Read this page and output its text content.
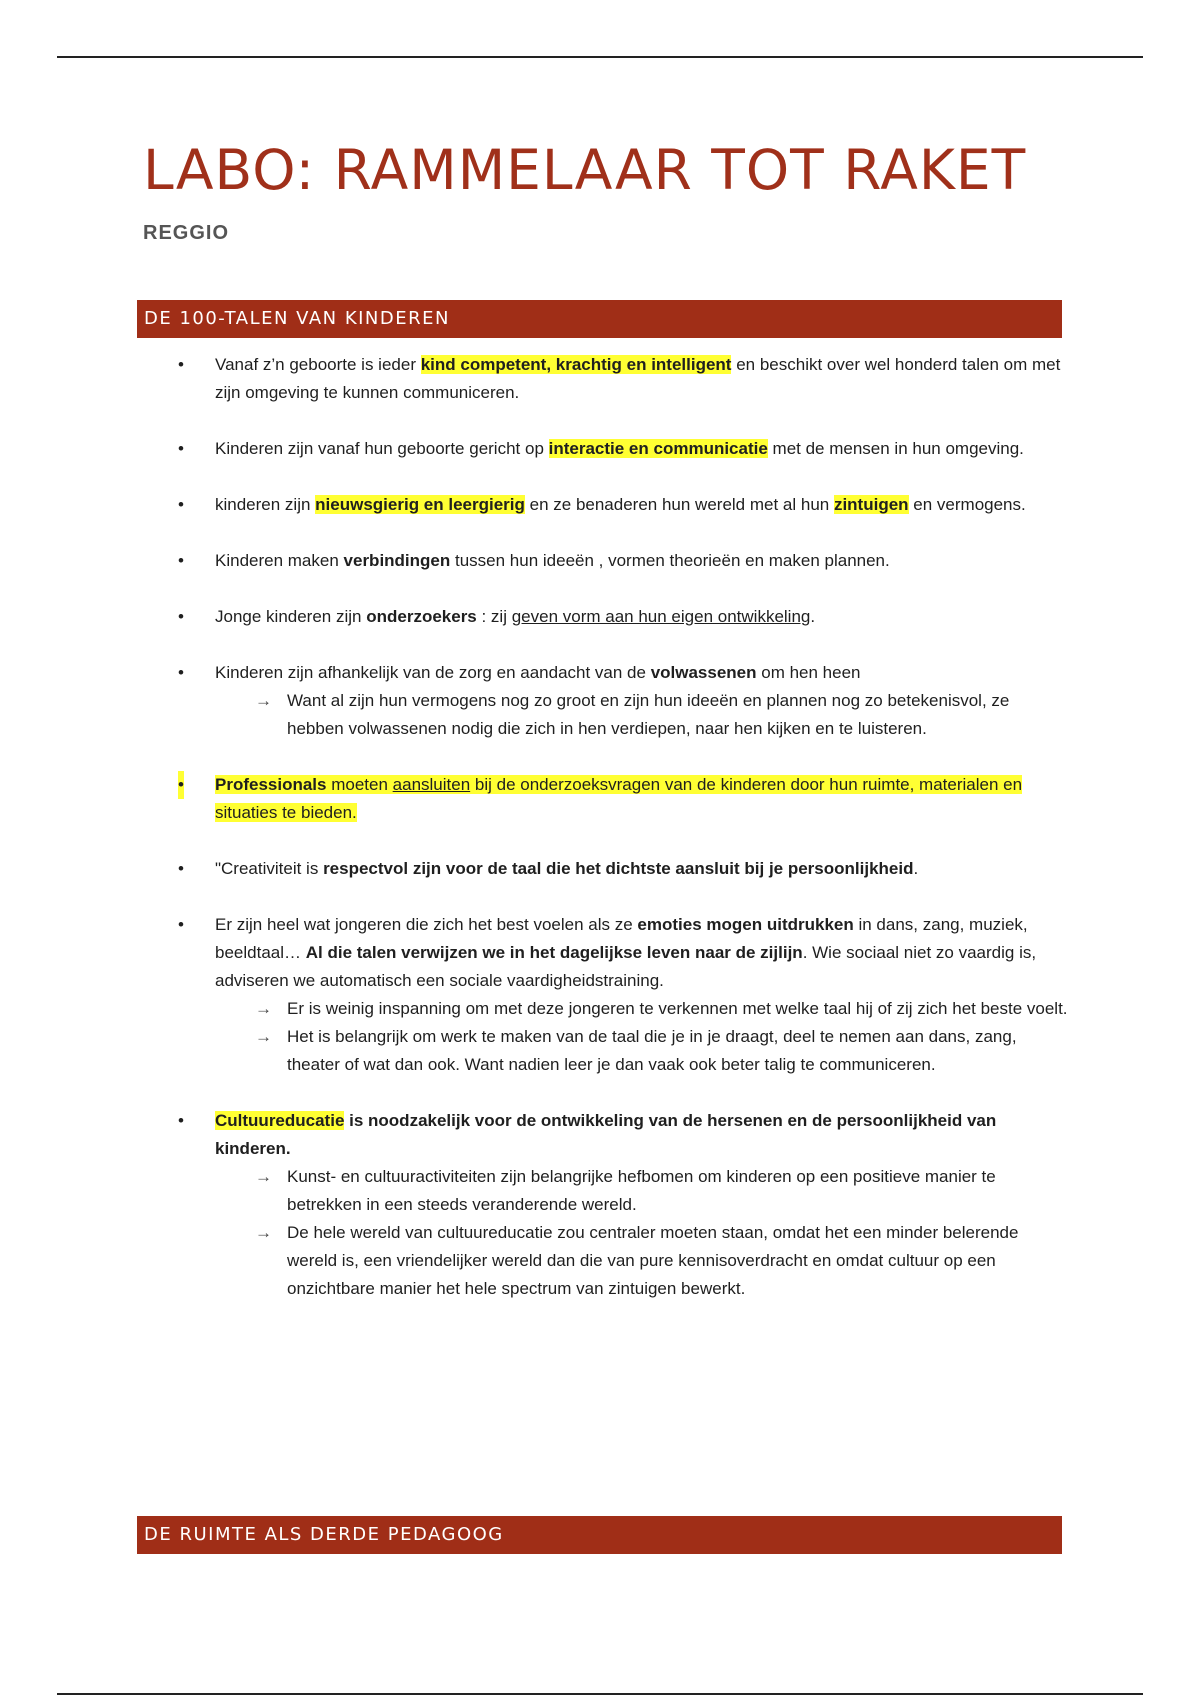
LABO: RAMMELAAR TOT RAKET
REGGIO
DE 100-TALEN VAN KINDEREN
• Vanaf z’n geboorte is ieder kind competent, krachtig en intelligent en beschikt over wel honderd talen om met zijn omgeving te kunnen communiceren.
• Kinderen zijn vanaf hun geboorte gericht op interactie en communicatie met de mensen in hun omgeving.
• kinderen zijn nieuwsgierig en leergierig en ze benaderen hun wereld met al hun zintuigen en vermogens.
• Kinderen maken verbindingen tussen hun ideeën , vormen theorieën en maken plannen.
• Jonge kinderen zijn onderzoekers : zij geven vorm aan hun eigen ontwikkeling.
• Kinderen zijn afhankelijk van de zorg en aandacht van de volwassenen om hen heen
→ Want al zijn hun vermogens nog zo groot en zijn hun ideeën en plannen nog zo betekenisvol, ze hebben volwassenen nodig die zich in hen verdiepen, naar hen kijken en te luisteren.
• Professionals moeten aansluiten bij de onderzoeksvragen van de kinderen door hun ruimte, materialen en situaties te bieden.
• "Creativiteit is respectvol zijn voor de taal die het dichtste aansluit bij je persoonlijkheid.
• Er zijn heel wat jongeren die zich het best voelen als ze emoties mogen uitdrukken in dans, zang, muziek, beeldtaal… Al die talen verwijzen we in het dagelijkse leven naar de zijlijn. Wie sociaal niet zo vaardig is, adviseren we automatisch een sociale vaardigheidstraining.
→ Er is weinig inspanning om met deze jongeren te verkennen met welke taal hij of zij zich het beste voelt.
→ Het is belangrijk om werk te maken van de taal die je in je draagt, deel te nemen aan dans, zang, theater of wat dan ook. Want nadien leer je dan vaak ook beter talig te communiceren.
• Cultuureducatie is noodzakelijk voor de ontwikkeling van de hersenen en de persoonlijkheid van kinderen.
→ Kunst- en cultuuractiviteiten zijn belangrijke hefbomen om kinderen op een positieve manier te betrekken in een steeds veranderende wereld.
→ De hele wereld van cultuureducatie zou centraler moeten staan, omdat het een minder belerende wereld is, een vriendelijker wereld dan die van pure kennisoverdracht en omdat cultuur op een onzichtbare manier het hele spectrum van zintuigen bewerkt.
DE RUIMTE ALS DERDE PEDAGOOG
